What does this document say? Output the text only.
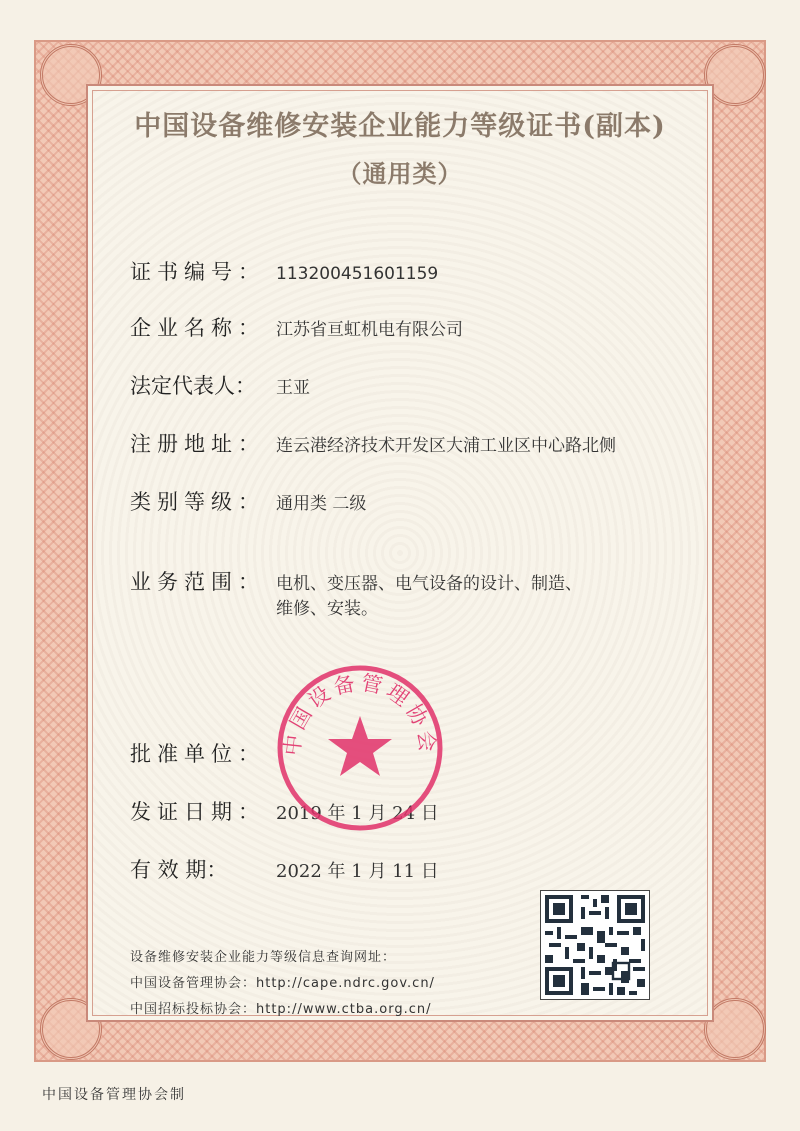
中国设备维修安装企业能力等级证书(副本)
（通用类）
证书编号： 113200451601159
企业名称： 江苏省亘虹机电有限公司
法定代表人： 王亚
注册地址： 连云港经济技术开发区大浦工业区中心路北侧
类别等级： 通用类 二级
业务范围： 电机、变压器、电气设备的设计、制造、
维修、安装。
批准单位：
发证日期： 2019 年 1 月 24 日
有 效 期：	2022 年 1 月 11 日
中国设备管理协会
设备维修安装企业能力等级信息查询网址：
中国设备管理协会：http://cape.ndrc.gov.cn/
中国招标投标协会：http://www.ctba.org.cn/
中国设备管理协会制
